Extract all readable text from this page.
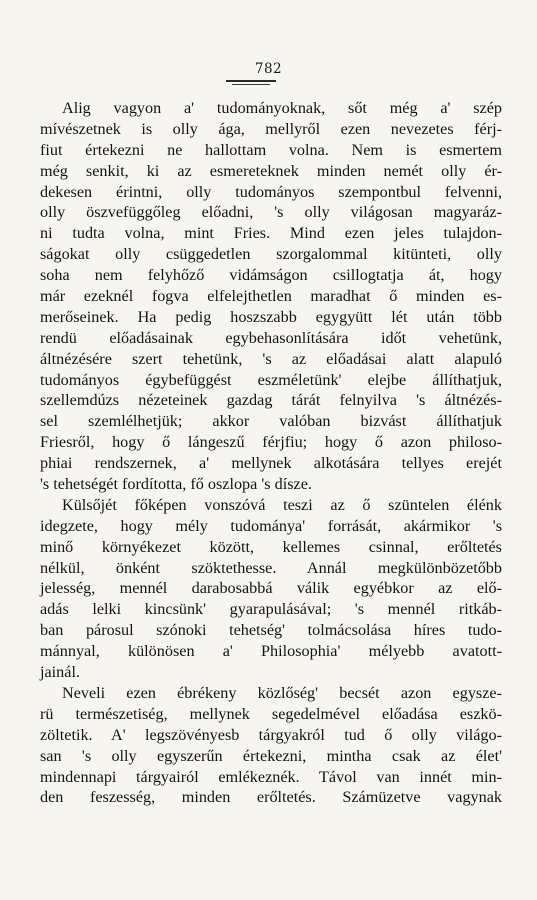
782
Alig vagyon a' tudományoknak, sőt még a' szép
mívészetnek is olly ága, mellyről ezen nevezetes férj-
fiut értekezni ne hallottam volna. Nem is esmertem
még senkit, ki az esmereteknek minden nemét olly ér-
dekesen érintni, olly tudományos szempontbul felvenni,
olly öszvefüggőleg előadni, 's olly világosan magyaráz-
ni tudta volna, mint Fries. Mind ezen jeles tulajdon-
ságokat olly csüggedetlen szorgalommal kitünteti, olly
soha nem felyhőző vidámságon csillogtatja át, hogy
már ezeknél fogva elfelejthetlen maradhat ő minden es-
merőseinek. Ha pedig hoszszabb egygyütt lét után több
rendü előadásainak egybehasonlítására időt vehetünk,
áltnézésére szert tehetünk, 's az előadásai alatt alapuló
tudományos égybefüggést eszméletünk' elejbe állíthatjuk,
szellemdúzs nézeteinek gazdag tárát felnyilva 's áltnézés-
sel szemlélhetjük; akkor valóban bizvást állíthatjuk
Friesről, hogy ő lángeszű férjfiu; hogy ő azon philoso-
phiai rendszernek, a' mellynek alkotására tellyes erejét
's tehetségét fordította, fő oszlopa 's dísze.
Külsőjét főképen vonszóvá teszi az ő szüntelen élénk
idegzete, hogy mély tudománya' forrását, akármikor 's
minő környékezet között, kellemes csinnal, erőltetés
nélkül, önként szöktethesse. Annál megkülönbözetőbb
jelesség, mennél darabosabbá válik egyébkor az elő-
adás lelki kincsünk' gyarapulásával; 's mennél ritkáb-
ban párosul szónoki tehetség' tolmácsolása híres tudo-
mánnyal, különösen a' Philosophia' mélyebb avatott-
jainál.
Neveli ezen ébrékeny közlőség' becsét azon egysze-
rü természetiség, mellynek segedelmével előadása eszkö-
zöltetik. A' legszövényesb tárgyakról tud ő olly világo-
san 's olly egyszerűn értekezni, mintha csak az élet'
mindennapi tárgyairól emlékeznék. Távol van innét min-
den feszesség, minden erőltetés. Számüzetve vagynak
